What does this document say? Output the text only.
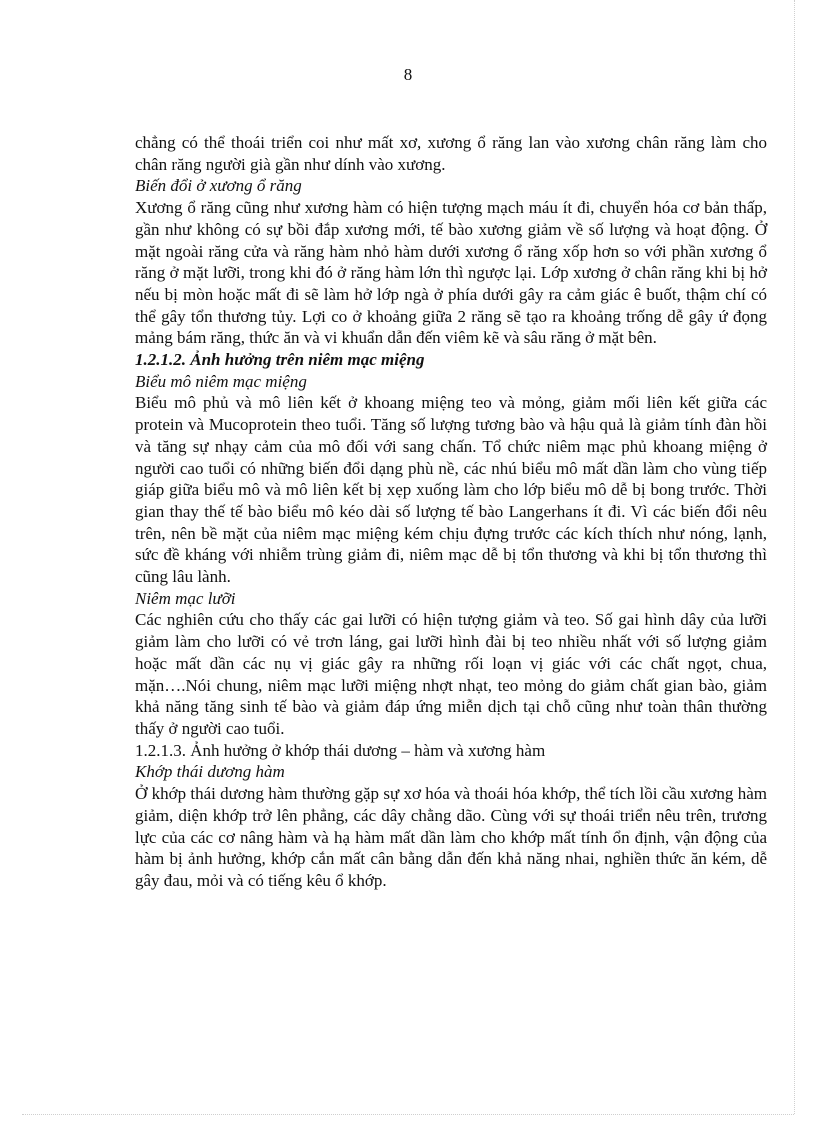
8

chẳng có thể thoái triển coi như mất xơ, xương ổ răng lan vào xương chân răng làm cho chân răng người già gần như dính vào xương.

Biến đổi ở xương ổ răng

Xương ổ răng cũng như xương hàm có hiện tượng mạch máu ít đi, chuyển hóa cơ bản thấp, gần như không có sự bồi đắp xương mới, tế bào xương giảm về số lượng và hoạt động. Ở mặt ngoài răng cửa và răng hàm nhỏ hàm dưới xương ổ răng xốp hơn so với phần xương ổ răng ở mặt lưỡi, trong khi đó ở răng hàm lớn thì ngược lại. Lớp xương ở chân răng khi bị hở nếu bị mòn hoặc mất đi sẽ làm hở lớp ngà ở phía dưới gây ra cảm giác ê buốt, thậm chí có thể gây tổn thương tủy. Lợi co ở khoảng giữa 2 răng sẽ tạo ra khoảng trống dễ gây ứ đọng mảng bám răng, thức ăn và vi khuẩn dẫn đến viêm kẽ và sâu răng ở mặt bên.

1.2.1.2. Ảnh hưởng trên niêm mạc miệng

Biểu mô niêm mạc miệng

Biểu mô phủ và mô liên kết ở khoang miệng teo và mỏng, giảm mối liên kết giữa các protein và Mucoprotein theo tuổi. Tăng số lượng tương bào và hậu quả là giảm tính đàn hồi và tăng sự nhạy cảm của mô đối với sang chấn. Tổ chức niêm mạc phủ khoang miệng ở người cao tuổi có những biến đổi dạng phù nề, các nhú biểu mô mất dần làm cho vùng tiếp giáp giữa biểu mô và mô liên kết bị xẹp xuống làm cho lớp biểu mô dễ bị bong trước. Thời gian thay thế tế bào biểu mô kéo dài số lượng tế bào Langerhans ít đi. Vì các biến đổi nêu trên, nên bề mặt của niêm mạc miệng kém chịu đựng trước các kích thích như nóng, lạnh, sức đề kháng với nhiễm trùng giảm đi, niêm mạc dễ bị tổn thương và khi bị tổn thương thì cũng lâu lành.

Niêm mạc lưỡi

Các nghiên cứu cho thấy các gai lưỡi có hiện tượng giảm và teo. Số gai hình dây của lưỡi giảm làm cho lưỡi có vẻ trơn láng, gai lưỡi hình đài bị teo nhiều nhất với số lượng giảm hoặc mất dần các nụ vị giác gây ra những rối loạn vị giác với các chất ngọt, chua, mặn….Nói chung, niêm mạc lưỡi miệng nhợt nhạt, teo mỏng do giảm chất gian bào, giảm khả năng tăng sinh tế bào và giảm đáp ứng miễn dịch tại chỗ cũng như toàn thân thường thấy ở người cao tuổi.

1.2.1.3. Ảnh hưởng ở khớp thái dương – hàm và xương hàm

Khớp thái dương hàm

Ở khớp thái dương hàm thường gặp sự xơ hóa và thoái hóa khớp, thể tích lồi cầu xương hàm giảm, diện khớp trở lên phẳng, các dây chằng dão. Cùng với sự thoái triển nêu trên, trương lực của các cơ nâng hàm và hạ hàm mất dần làm cho khớp mất tính ổn định, vận động của hàm bị ảnh hưởng, khớp cắn mất cân bằng dẫn đến khả năng nhai, nghiền thức ăn kém, dễ gây đau, mỏi và có tiếng kêu ổ khớp.
